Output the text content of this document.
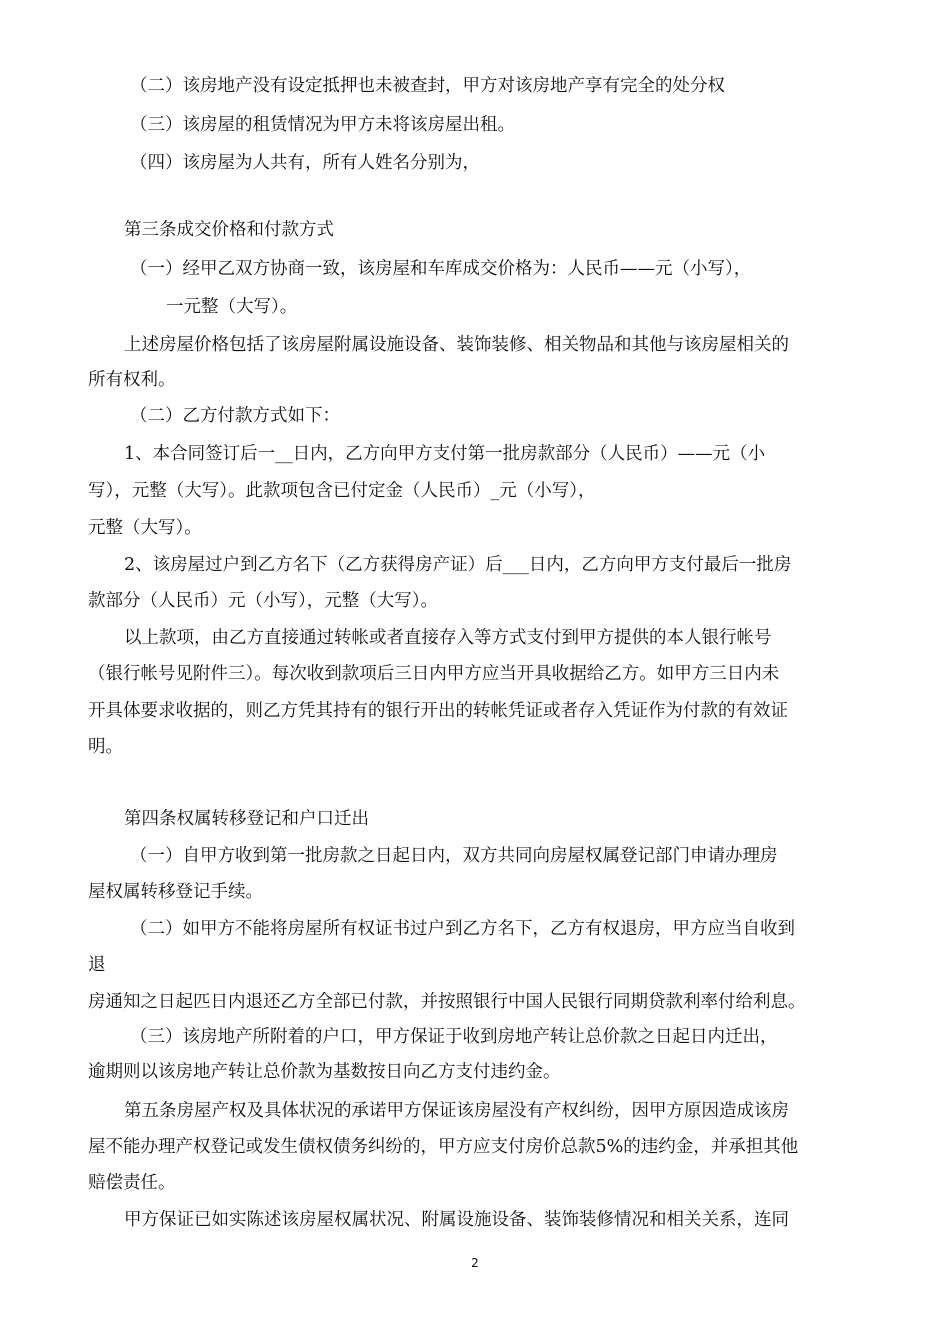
（二）该房地产没有设定抵押也未被查封，甲方对该房地产享有完全的处分权
（三）该房屋的租赁情况为甲方未将该房屋出租。
（四）该房屋为人共有，所有人姓名分别为，
第三条成交价格和付款方式
（一）经甲乙双方协商一致，该房屋和车库成交价格为：人民币——元（小写），
一元整（大写）。
上述房屋价格包括了该房屋附属设施设备、装饰装修、相关物品和其他与该房屋相关的
所有权利。
（二）乙方付款方式如下：
1、本合同签订后一__日内，乙方向甲方支付第一批房款部分（人民币）——元（小
写），元整（大写）。此款项包含已付定金（人民币）_元（小写），
元整（大写）。
2、该房屋过户到乙方名下（乙方获得房产证）后___日内，乙方向甲方支付最后一批房
款部分（人民币）元（小写），元整（大写）。
以上款项，由乙方直接通过转帐或者直接存入等方式支付到甲方提供的本人银行帐号
（银行帐号见附件三）。每次收到款项后三日内甲方应当开具收据给乙方。如甲方三日内未
开具体要求收据的，则乙方凭其持有的银行开出的转帐凭证或者存入凭证作为付款的有效证
明。
第四条权属转移登记和户口迁出
（一）自甲方收到第一批房款之日起日内，双方共同向房屋权属登记部门申请办理房
屋权属转移登记手续。
（二）如甲方不能将房屋所有权证书过户到乙方名下，乙方有权退房，甲方应当自收到
退
房通知之日起匹日内退还乙方全部已付款，并按照银行中国人民银行同期贷款利率付给利息。
（三）该房地产所附着的户口，甲方保证于收到房地产转让总价款之日起日内迁出，
逾期则以该房地产转让总价款为基数按日向乙方支付违约金。
第五条房屋产权及具体状况的承诺甲方保证该房屋没有产权纠纷，因甲方原因造成该房
屋不能办理产权登记或发生债权债务纠纷的，甲方应支付房价总款5%的违约金，并承担其他
赔偿责任。
甲方保证已如实陈述该房屋权属状况、附属设施设备、装饰装修情况和相关关系，连同
2
